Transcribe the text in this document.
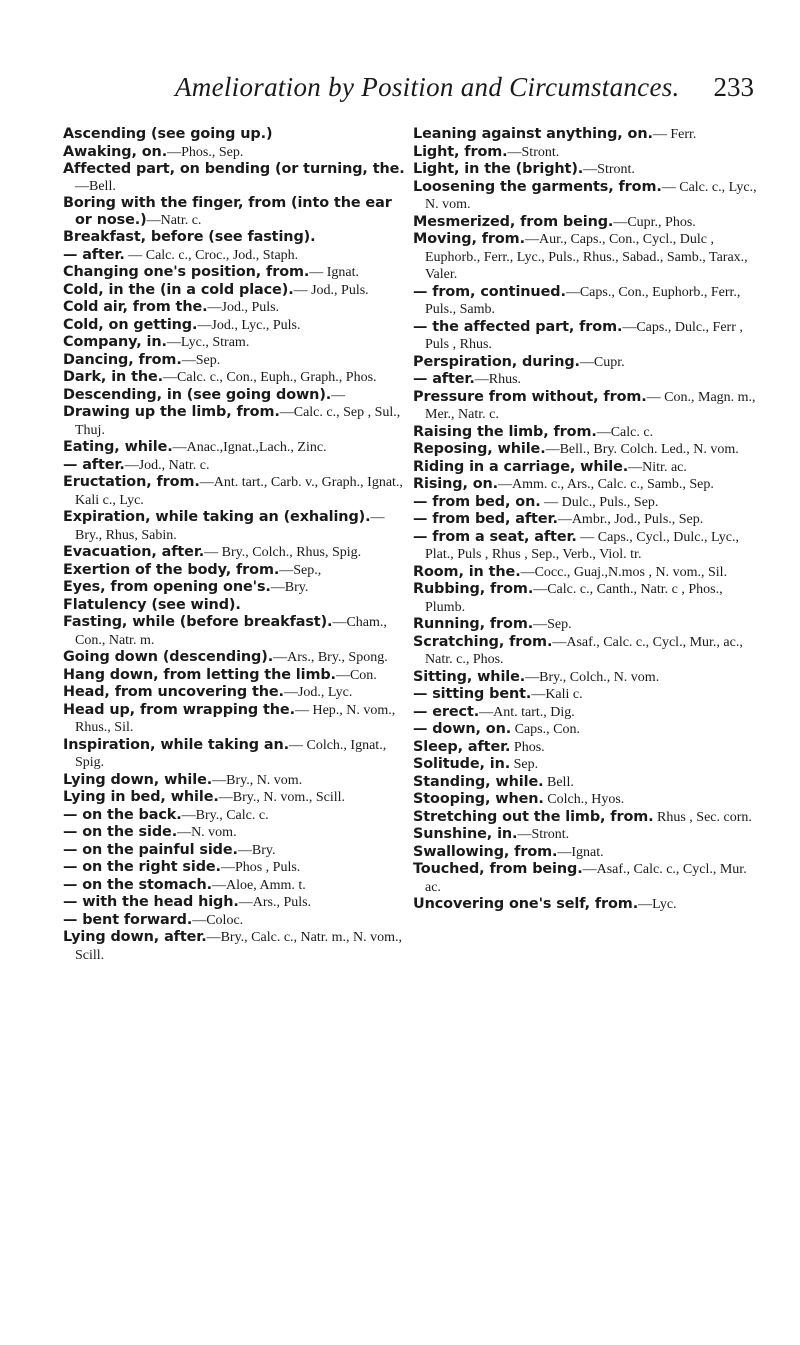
Amelioration by Position and Circumstances. 233

Ascending (see going up.)

Awaking, on.—Phos., Sep.

Affected part, on bending (or turning, the.—Bell.

Boring with the finger, from (into the ear or nose.)—Natr. c.

Breakfast, before (see fasting).

— after. — Calc. c., Croc., Jod., Staph.

Changing one's position, from.— Ignat.

Cold, in the (in a cold place).— Jod., Puls.

Cold air, from the.—Jod., Puls.

Cold, on getting.—Jod., Lyc., Puls.

Company, in.—Lyc., Stram.

Dancing, from.—Sep.

Dark, in the.—Calc. c., Con., Euph., Graph., Phos.

Descending, in (see going down).—

Drawing up the limb, from.—Calc. c., Sep , Sul., Thuj.

Eating, while.—Anac.,Ignat.,Lach., Zinc.

— after.—Jod., Natr. c.

Eructation, from.—Ant. tart., Carb. v., Graph., Ignat., Kali c., Lyc.

Expiration, while taking an (exhaling).—Bry., Rhus, Sabin.

Evacuation, after.— Bry., Colch., Rhus, Spig.

Exertion of the body, from.—Sep.,

Eyes, from opening one's.—Bry.

Flatulency (see wind).

Fasting, while (before breakfast).—Cham., Con., Natr. m.

Going down (descending).—Ars., Bry., Spong.

Hang down, from letting the limb.—Con.

Head, from uncovering the.—Jod., Lyc.

Head up, from wrapping the.— Hep., N. vom., Rhus., Sil.

Inspiration, while taking an.— Colch., Ignat., Spig.

Lying down, while.—Bry., N. vom.

Lying in bed, while.—Bry., N. vom., Scill.

— on the back.—Bry., Calc. c.

— on the side.—N. vom.

— on the painful side.—Bry.

— on the right side.—Phos , Puls.

— on the stomach.—Aloe, Amm. t.

— with the head high.—Ars., Puls.

— bent forward.—Coloc.

Lying down, after.—Bry., Calc. c., Natr. m., N. vom., Scill.

Leaning against anything, on.— Ferr.

Light, from.—Stront.

Light, in the (bright).—Stront.

Loosening the garments, from.— Calc. c., Lyc., N. vom.

Mesmerized, from being.—Cupr., Phos.

Moving, from.—Aur., Caps., Con., Cycl., Dulc , Euphorb., Ferr., Lyc., Puls., Rhus., Sabad., Samb., Tarax., Valer.

— from, continued.—Caps., Con., Euphorb., Ferr., Puls., Samb.

— the affected part, from.—Caps., Dulc., Ferr , Puls , Rhus.

Perspiration, during.—Cupr.

— after.—Rhus.

Pressure from without, from.— Con., Magn. m., Mer., Natr. c.

Raising the limb, from.—Calc. c.

Reposing, while.—Bell., Bry. Colch. Led., N. vom.

Riding in a carriage, while.—Nitr. ac.

Rising, on.—Amm. c., Ars., Calc. c., Samb., Sep.

— from bed, on. — Dulc., Puls., Sep.

— from bed, after.—Ambr., Jod., Puls., Sep.

— from a seat, after. — Caps., Cycl., Dulc., Lyc., Plat., Puls , Rhus , Sep., Verb., Viol. tr.

Room, in the.—Cocc., Guaj.,N.mos , N. vom., Sil.

Rubbing, from.—Calc. c., Canth., Natr. c , Phos., Plumb.

Running, from.—Sep.

Scratching, from.—Asaf., Calc. c., Cycl., Mur., ac., Natr. c., Phos.

Sitting, while.—Bry., Colch., N. vom.

— sitting bent.—Kali c.

— erect.—Ant. tart., Dig.

— down, on. Caps., Con.

Sleep, after. Phos.

Solitude, in. Sep.

Standing, while. Bell.

Stooping, when. Colch., Hyos.

Stretching out the limb, from. Rhus , Sec. corn.

Sunshine, in.—Stront.

Swallowing, from.—Ignat.

Touched, from being.—Asaf., Calc. c., Cycl., Mur. ac.

Uncovering one's self, from.—Lyc.
